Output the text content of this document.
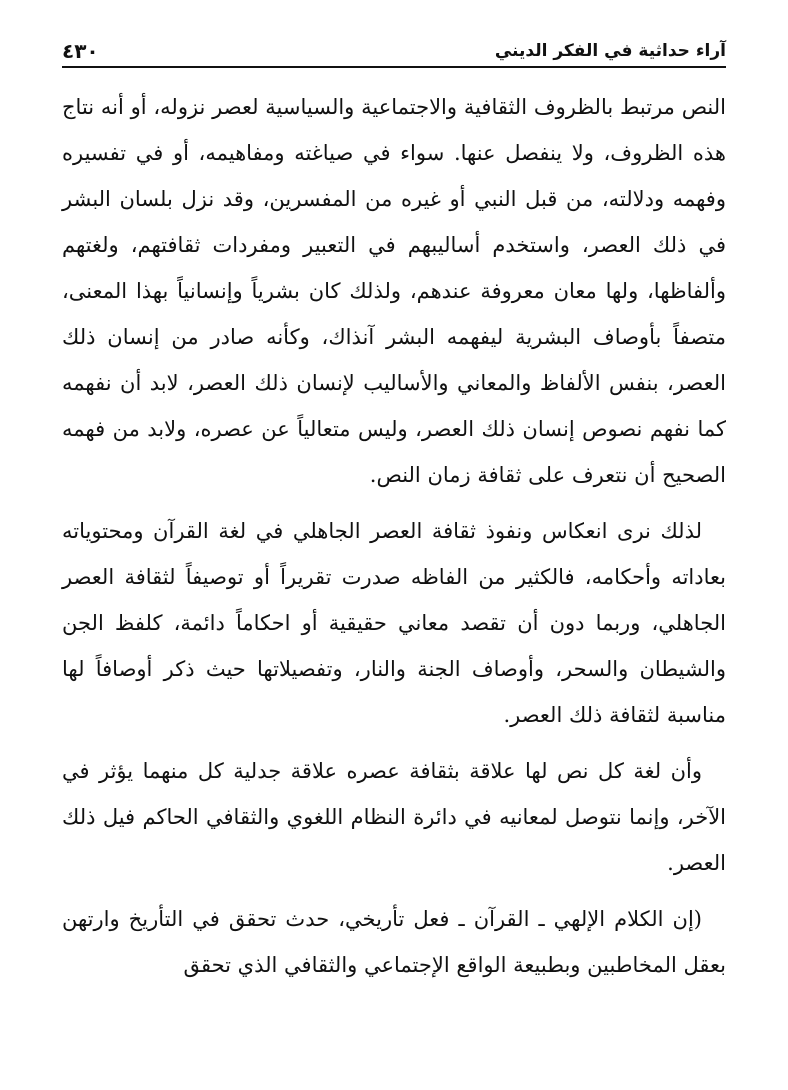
آراء حداثية في الفكر الديني
٤٣٠

النص مرتبط بالظروف الثقافية والاجتماعية والسياسية لعصر نزوله، أو أنه نتاج هذه الظروف، ولا ينفصل عنها. سواء في صياغته ومفاهيمه، أو في تفسيره وفهمه ودلالته، من قبل النبي أو غيره من المفسرين، وقد نزل بلسان البشر في ذلك العصر، واستخدم أساليبهم في التعبير ومفردات ثقافتهم، ولغتهم وألفاظها، ولها معان معروفة عندهم، ولذلك كان بشرياً وإنسانياً بهذا المعنى، متصفاً بأوصاف البشرية ليفهمه البشر آنذاك، وكأنه صادر من إنسان ذلك العصر، بنفس الألفاظ والمعاني والأساليب لإنسان ذلك العصر، لابد أن نفهمه كما نفهم نصوص إنسان ذلك العصر، وليس متعالياً عن عصره، ولابد من فهمه الصحيح أن نتعرف على ثقافة زمان النص.

لذلك نرى انعكاس ونفوذ ثقافة العصر الجاهلي في لغة القرآن ومحتوياته بعاداته وأحكامه، فالكثير من الفاظه صدرت تقريراً أو توصيفاً لثقافة العصر الجاهلي، وربما دون أن تقصد معاني حقيقية أو احكاماً دائمة، كلفظ الجن والشيطان والسحر، وأوصاف الجنة والنار، وتفصيلاتها حيث ذكر أوصافاً لها مناسبة لثقافة ذلك العصر.

وأن لغة كل نص لها علاقة بثقافة عصره علاقة جدلية كل منهما يؤثر في الآخر، وإنما نتوصل لمعانيه في دائرة النظام اللغوي والثقافي الحاكم فيل ذلك العصر.

(إن الكلام الإلهي ـ القرآن ـ فعل تأريخي، حدث تحقق في التأريخ وارتهن بعقل المخاطبين وبطبيعة الواقع الإجتماعي والثقافي الذي تحقق
